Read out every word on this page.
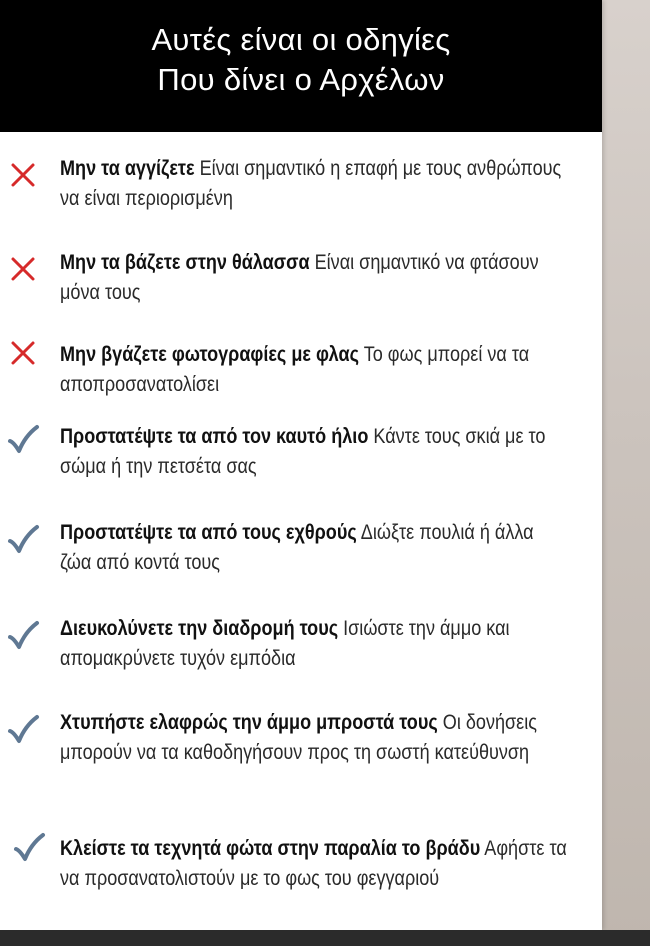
Αυτές είναι οι οδηγίες
Που δίνει ο Αρχέλων
Μην τα αγγίζετε Είναι σημαντικό η επαφή με τους ανθρώπους να είναι περιορισμένη
Μην τα βάζετε στην θάλασσα Είναι σημαντικό να φτάσουν μόνα τους
Μην βγάζετε φωτογραφίες με φλας Το φως μπορεί να τα αποπροσανατολίσει
Προστατέψτε τα από τον καυτό ήλιο Κάντε τους σκιά με το σώμα ή την πετσέτα σας
Προστατέψτε τα από τους εχθρούς Διώξτε πουλιά ή άλλα ζώα από κοντά τους
Διευκολύνετε την διαδρομή τους Ισιώστε την άμμο και απομακρύνετε τυχόν εμπόδια
Χτυπήστε ελαφρώς την άμμο μπροστά τους Οι δονήσεις μπορούν να τα καθοδηγήσουν προς τη σωστή κατεύθυνση
Κλείστε τα τεχνητά φώτα στην παραλία το βράδυ Αφήστε τα να προσανατολιστούν με το φως του φεγγαριού
